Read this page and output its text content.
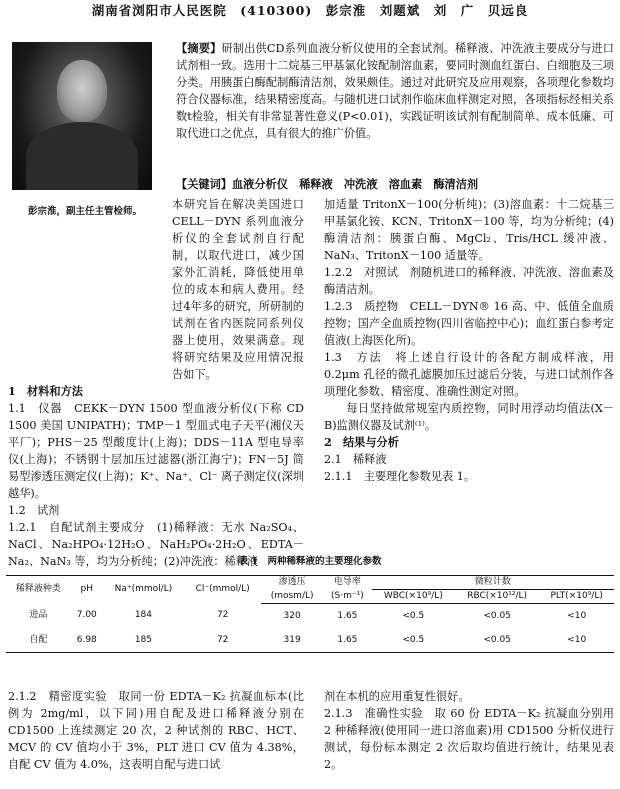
湖南省浏阳市人民医院　(410300)　彭宗淮　刘题斌　刘　广　贝远良
彭宗淮，副主任主管检师。
【摘要】研制出供CD系列血液分析仪使用的全套试剂。稀释液、冲洗液主要成分与进口试剂相一致。选用十二烷基三甲基氯化铵配制溶血素，要同时测血红蛋白、白细胞及三项分类。用胰蛋白酶配制酶清洁剂，效果颇佳。通过对此研究及应用观察，各项理化参数均符合仪器标准，结果精密度高。与随机进口试剂作临床血样测定对照，各项指标经相关系数t检验，相关有非常显著性意义(P<0.01)，实践证明该试剂有配制简单、成本低廉、可取代进口之优点，具有很大的推广价值。
【关键词】血液分析仪　稀释液　冲洗液　溶血素　酶清洁剂

本研究旨在解决美国进口 CELL－DYN 系列血液分析仪的全套试剂自行配制，以取代进口，减少国家外汇消耗，降低使用单位的成本和病人费用。经过4年多的研究，所研制的试剂在省内医院同系列仪器上使用，效果满意。现将研究结果及应用情况报告如下。

1　材料和方法

1.1　仪器　CEKK－DYN 1500 型血液分析仪(下称 CD 1500 美国 UNIPATH)；TMP－1 型皿式电子天平(湘仪天平厂)；PHS－25 型酸度计(上海)；DDS－11A 型电导率仪(上海)；不锈钢十层加压过滤器(浙江海宁)；FN－5J 简易型渗透压测定仪(上海)；K⁺、Na⁺、Cl⁻ 离子测定仪(深圳越华)。

1.2　试剂

1.2.1　自配试剂主要成分　(1)稀释液：无水 Na₂SO₄、NaCl、Na₂HPO₄·12H₂O、NaH₂PO₄·2H₂O、EDTA－Na₂、NaN₃ 等，均为分析纯；(2)冲洗液：稀释液

加适量 TritonX－100(分析纯)；(3)溶血素：十二烷基三甲基氯化铵、KCN、TritonX－100 等，均为分析纯；(4)酶清洁剂：胰蛋白酶、MgCl₂、Tris/HCL 缓冲液、NaN₃、TritonX－100 适量等。

1.2.2　对照试　剂随机进口的稀释液、冲洗液、溶血素及酶清洁剂。

1.2.3　质控物　CELL－DYN® 16 高、中、低值全血质控物；国产全血质控物(四川省临控中心)；血红蛋白参考定值液(上海医化所)。

1.3　方法　将上述自行设计的各配方制成样液，用 0.2μm 孔径的微孔滤膜加压过滤后分装，与进口试剂作各项理化参数、精密度、准确性测定对照。

每日坚持做常规室内质控物，同时用浮动均值法(X－B)监测仪器及试剂⁽¹⁾。

2　结果与分析

2.1　稀释液

2.1.1　主要理化参数见表 1。

表 1　两种稀释液的主要理化参数
稀释液种类	pH	Na⁺(mmol/L)	Cl⁻(mmol/L)	渗透压	电导率	微粒计数		
				(mosm/L)	(S·m⁻¹)	WBC(×10⁹/L)	RBC(×10¹²/L)	PLT(×10⁹/L)
进品	7.00	184	72	320	1.65	<0.5	<0.05	<10
自配	6.98	185	72	319	1.65	<0.5	<0.05	<10

2.1.2　精密度实验　取同一份 EDTA－K₂ 抗凝血标本(比例为 2mg/ml，以下同)用自配及进口稀释液分别在 CD1500 上连续测定 20 次，2 种试剂的 RBC、HCT、MCV 的 CV 值均小于 3%，PLT 进口 CV 值为 4.38%，自配 CV 值为 4.0%，这表明自配与进口试

剂在本机的应用重复性很好。

2.1.3　准确性实验　取 60 份 EDTA－K₂ 抗凝血分别用 2 种稀释液(使用同一进口溶血素)用 CD1500 分析仪进行测试，每份标本测定 2 次后取均值进行统计，结果见表 2。
